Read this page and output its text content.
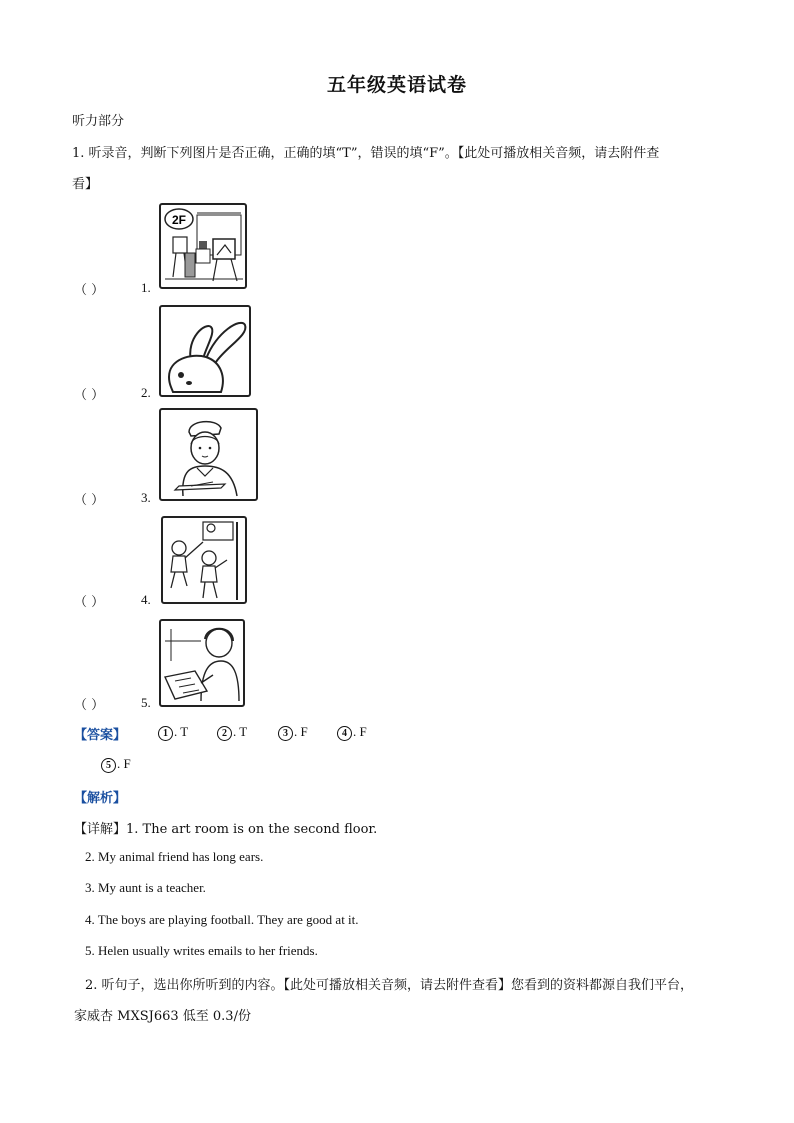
五年级英语试卷
听力部分
1. 听录音，判断下列图片是否正确，正确的填“T”，错误的填“F”。【此处可播放相关音频，请去附件查
看】
（ ）	1.
2F
（ ）	2.
（ ）	3.
（ ）	4.
（ ）	5.
【答案】	1 . T	2 . T	3 . F	4 . F
5 . F
【解析】
【详解】1. The art room is on the second floor.
2. My animal friend has long ears.
3. My aunt is a teacher.
4. The boys are playing football. They are good at it.
5. Helen usually writes emails to her friends.
2. 听句子，选出你所听到的内容。【此处可播放相关音频，请去附件查看】您看到的资料都源自我们平台，
家威杏 MXSJ663 低至 0.3/份
